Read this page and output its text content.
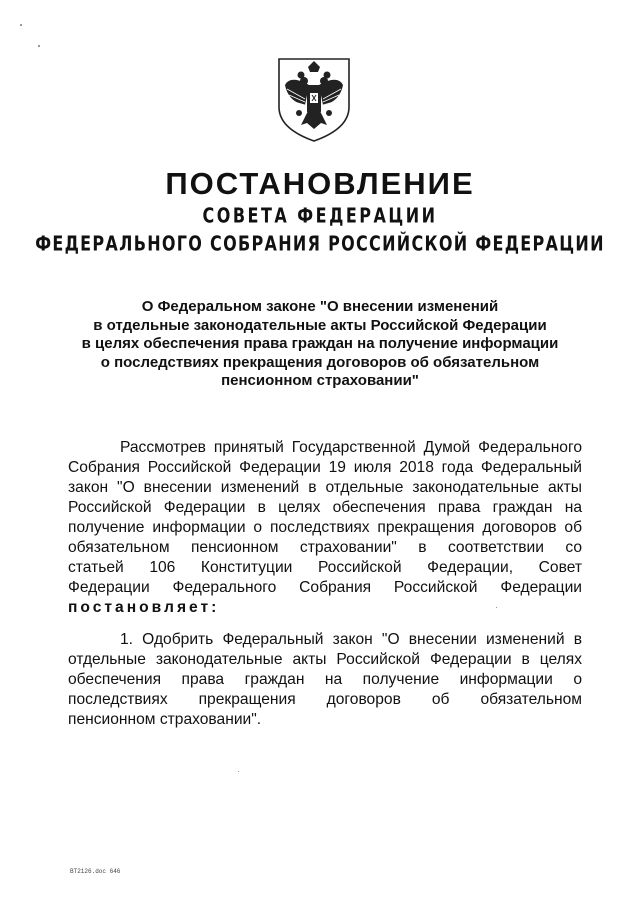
ПОСТАНОВЛЕНИЕ
СОВЕТА ФЕДЕРАЦИИ
ФЕДЕРАЛЬНОГО СОБРАНИЯ РОССИЙСКОЙ ФЕДЕРАЦИИ
О Федеральном законе "О внесении изменений
в отдельные законодательные акты Российской Федерации
в целях обеспечения права граждан на получение информации
о последствиях прекращения договоров об обязательном
пенсионном страховании"
Рассмотрев принятый Государственной Думой Федерального
Собрания Российской Федерации 19 июля 2018 года Федеральный
закон "О внесении изменений в отдельные законодательные акты
Российской Федерации в целях обеспечения права граждан на
получение информации о последствиях прекращения договоров об
обязательном пенсионном страховании" в соответствии со
статьей 106 Конституции Российской Федерации, Совет
Федерации Федерального Собрания Российской Федерации
постановляет:
1. Одобрить Федеральный закон "О внесении изменений в
отдельные законодательные акты Российской Федерации в целях
обеспечения права граждан на получение информации о
последствиях прекращения договоров об обязательном
пенсионном страховании".
BT2126.doc 646
